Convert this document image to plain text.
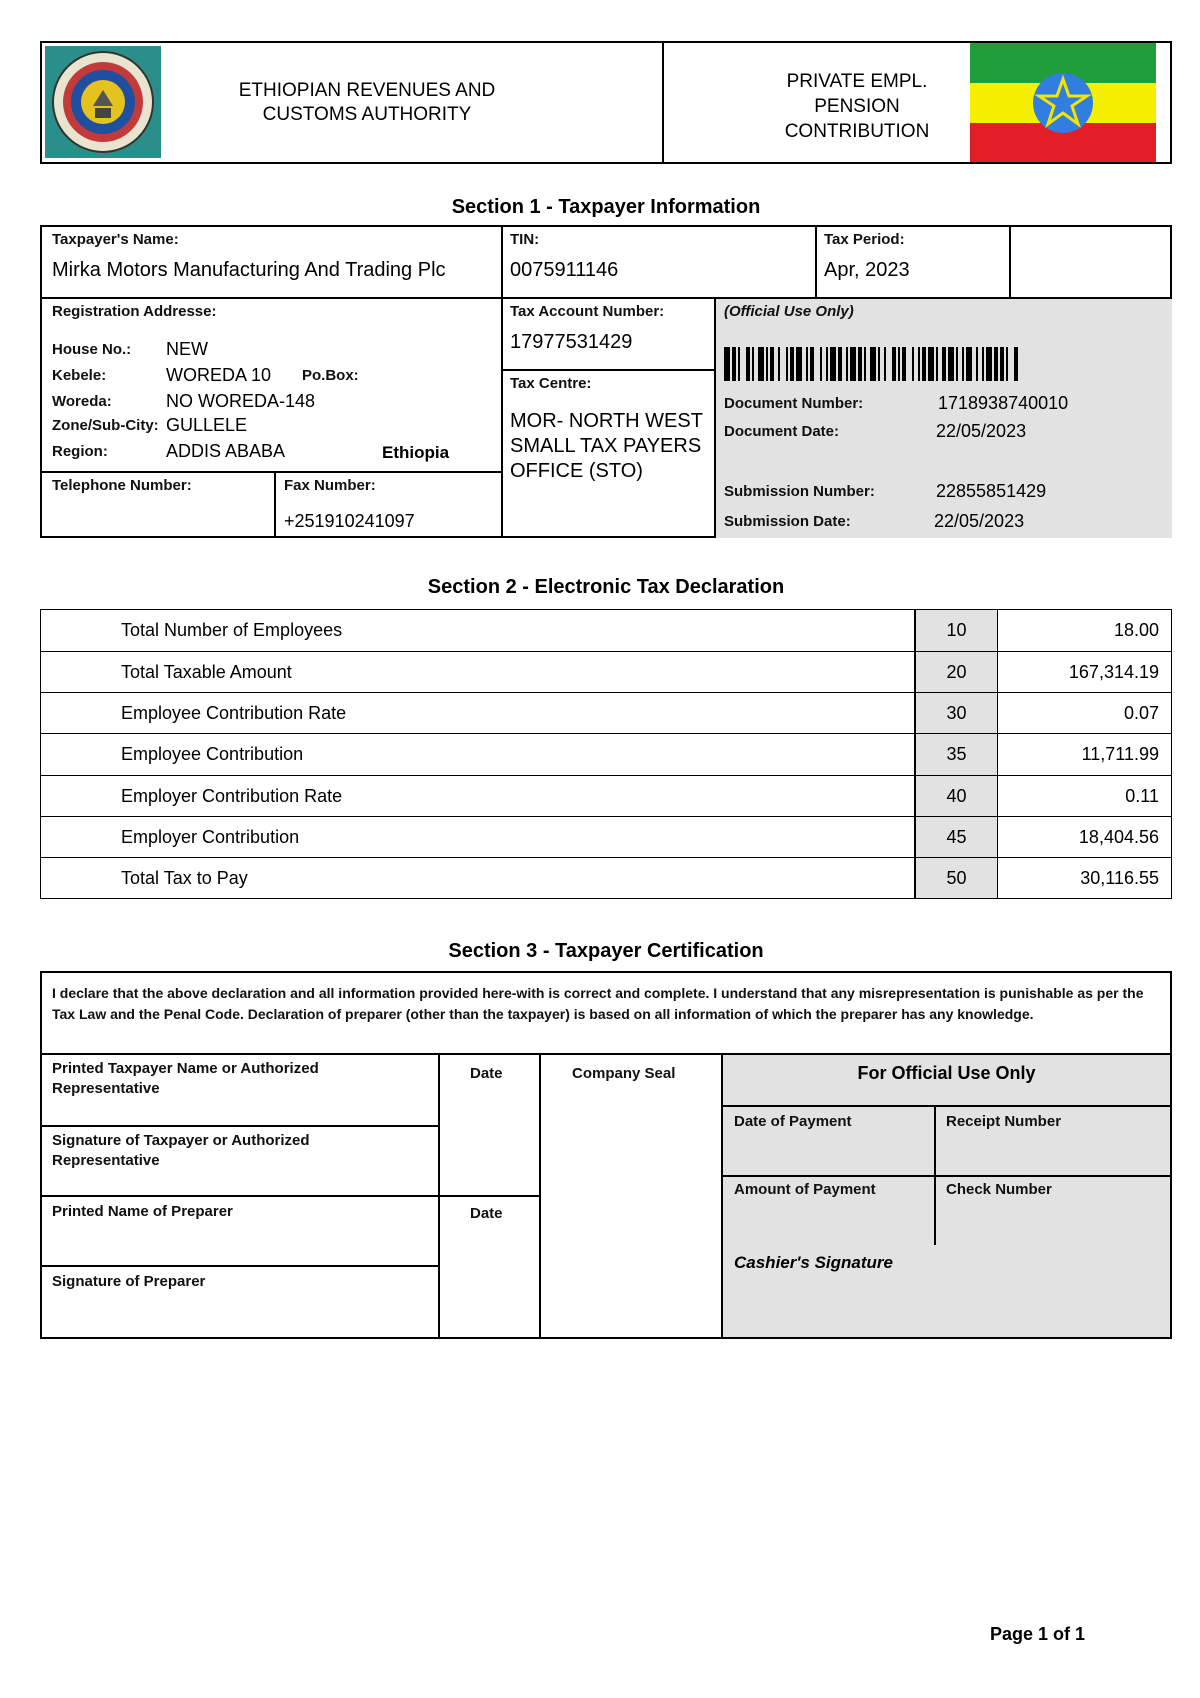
ETHIOPIAN REVENUES AND CUSTOMS AUTHORITY
PRIVATE EMPL. PENSION CONTRIBUTION
Section 1 - Taxpayer Information
Taxpayer's Name:
Mirka Motors Manufacturing And Trading Plc
TIN:
0075911146
Tax Period:
Apr, 2023
Registration Addresse:
House No.: NEW
Kebele:	WOREDA 10 Po.Box:
Woreda:	NO WOREDA-148
Zone/Sub-City: GULLELE
Region:	ADDIS ABABA	Ethiopia
Telephone Number:	Fax Number:
+251910241097
Tax Account Number:
17977531429
Tax Centre:
MOR- NORTH WEST SMALL TAX PAYERS OFFICE (STO)
(Official Use Only)
Document Number:	1718938740010
Document Date:	22/05/2023
Submission Number:	22855851429
Submission Date:	22/05/2023
Section 2 - Electronic Tax Declaration
Total Number of Employees	10	18.00
Total Taxable Amount	20	167,314.19
Employee Contribution Rate	30	0.07
Employee Contribution	35	11,711.99
Employer Contribution Rate	40	0.11
Employer Contribution	45	18,404.56
Total Tax to Pay	50	30,116.55
Section 3 - Taxpayer Certification
I declare that the above declaration and all information provided here-with is correct and complete. I understand that any misrepresentation is punishable as per the Tax Law and the Penal Code. Declaration of preparer (other than the taxpayer) is based on all information of which the preparer has any knowledge.
Printed Taxpayer Name or Authorized Representative
Signature of Taxpayer or Authorized Representative
Printed Name of Preparer
Signature of Preparer
Date
Date
Company Seal	For Official Use Only
Date of Payment	Receipt Number
Amount of Payment	Check Number
Cashier's Signature
Page 1 of 1
